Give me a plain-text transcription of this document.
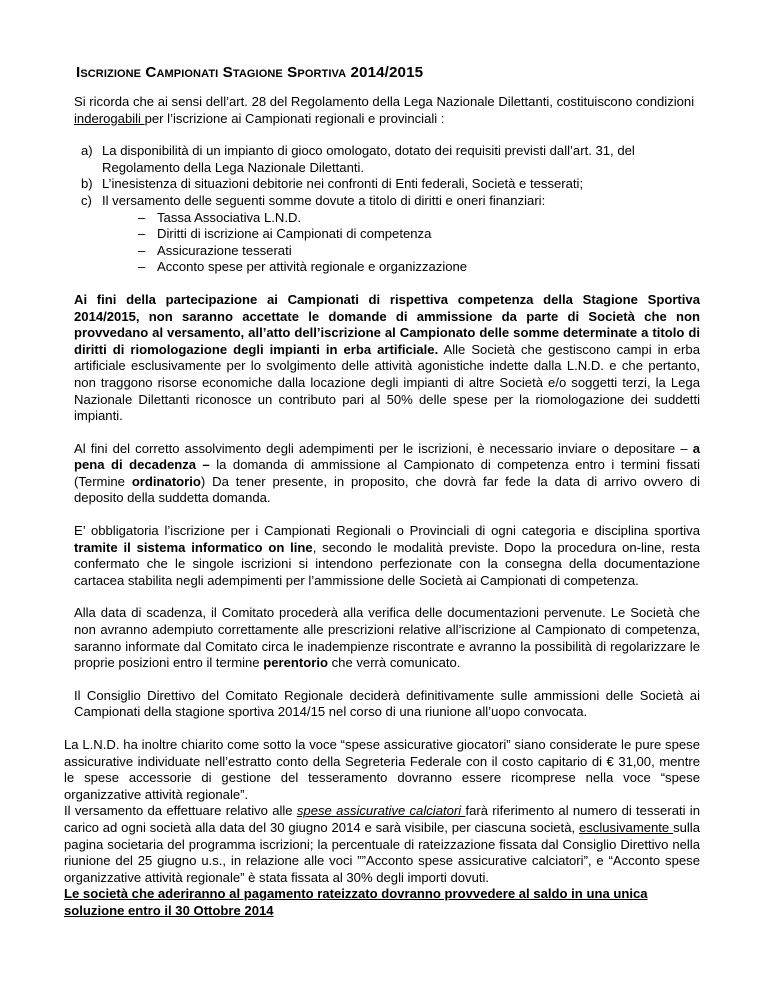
Iscrizione Campionati Stagione Sportiva 2014/2015

Si ricorda che ai sensi dell’art. 28 del Regolamento della Lega Nazionale Dilettanti, costituiscono condizioni inderogabili per l’iscrizione ai Campionati regionali e provinciali :

a) La disponibilità di un impianto di gioco omologato, dotato dei requisiti previsti dall’art. 31, del Regolamento della Lega Nazionale Dilettanti.
b) L’inesistenza di situazioni debitorie nei confronti di Enti federali, Società e tesserati;
c) Il versamento delle seguenti somme dovute a titolo di diritti e oneri finanziari:
– Tassa Associativa L.N.D.
– Diritti di iscrizione ai Campionati di competenza
– Assicurazione tesserati
– Acconto spese per attività regionale e organizzazione

Ai fini della partecipazione ai Campionati di rispettiva competenza della Stagione Sportiva 2014/2015, non saranno accettate le domande di ammissione da parte di Società che non provvedano al versamento, all’atto dell’iscrizione al Campionato delle somme determinate a titolo di diritti di riomologazione degli impianti in erba artificiale. Alle Società che gestiscono campi in erba artificiale esclusivamente per lo svolgimento delle attività agonistiche indette dalla L.N.D. e che pertanto, non traggono risorse economiche dalla locazione degli impianti di altre Società e/o soggetti terzi, la Lega Nazionale Dilettanti riconosce un contributo pari al 50% delle spese per la riomologazione dei suddetti impianti.

Al fini del corretto assolvimento degli adempimenti per le iscrizioni, è necessario inviare o depositare – a pena di decadenza – la domanda di ammissione al Campionato di competenza entro i termini fissati (Termine ordinatorio) Da tener presente, in proposito, che dovrà far fede la data di arrivo ovvero di deposito della suddetta domanda.

E’ obbligatoria l’iscrizione per i Campionati Regionali o Provinciali di ogni categoria e disciplina sportiva tramite il sistema informatico on line, secondo le modalità previste. Dopo la procedura on-line, resta confermato che le singole iscrizioni si intendono perfezionate con la consegna della documentazione cartacea stabilita negli adempimenti per l’ammissione delle Società ai Campionati di competenza.

Alla data di scadenza, il Comitato procederà alla verifica delle documentazioni pervenute. Le Società che non avranno adempiuto correttamente alle prescrizioni relative all’iscrizione al Campionato di competenza, saranno informate dal Comitato circa le inadempienze riscontrate e avranno la possibilità di regolarizzare le proprie posizioni entro il termine perentorio che verrà comunicato.

Il Consiglio Direttivo del Comitato Regionale deciderà definitivamente sulle ammissioni delle Società ai Campionati della stagione sportiva 2014/15 nel corso di una riunione all’uopo convocata.

La L.N.D. ha inoltre chiarito come sotto la voce “spese assicurative giocatori” siano considerate le pure spese assicurative individuate nell’estratto conto della Segreteria Federale con il costo capitario di € 31,00, mentre le spese accessorie di gestione del tesseramento dovranno essere ricomprese nella voce “spese organizzative attività regionale”.

Il versamento da effettuare relativo alle spese assicurative calciatori farà riferimento al numero di tesserati in carico ad ogni società alla data del 30 giugno 2014 e sarà visibile, per ciascuna società, esclusivamente sulla pagina societaria del programma iscrizioni; la percentuale di rateizzazione fissata dal Consiglio Direttivo nella riunione del 25 giugno u.s., in relazione alle voci ””Acconto spese assicurative calciatori”, e “Acconto spese organizzative attività regionale” è stata fissata al 30% degli importi dovuti.

Le società che aderiranno al pagamento rateizzato dovranno provvedere al saldo in una unica soluzione entro il 30 Ottobre 2014
